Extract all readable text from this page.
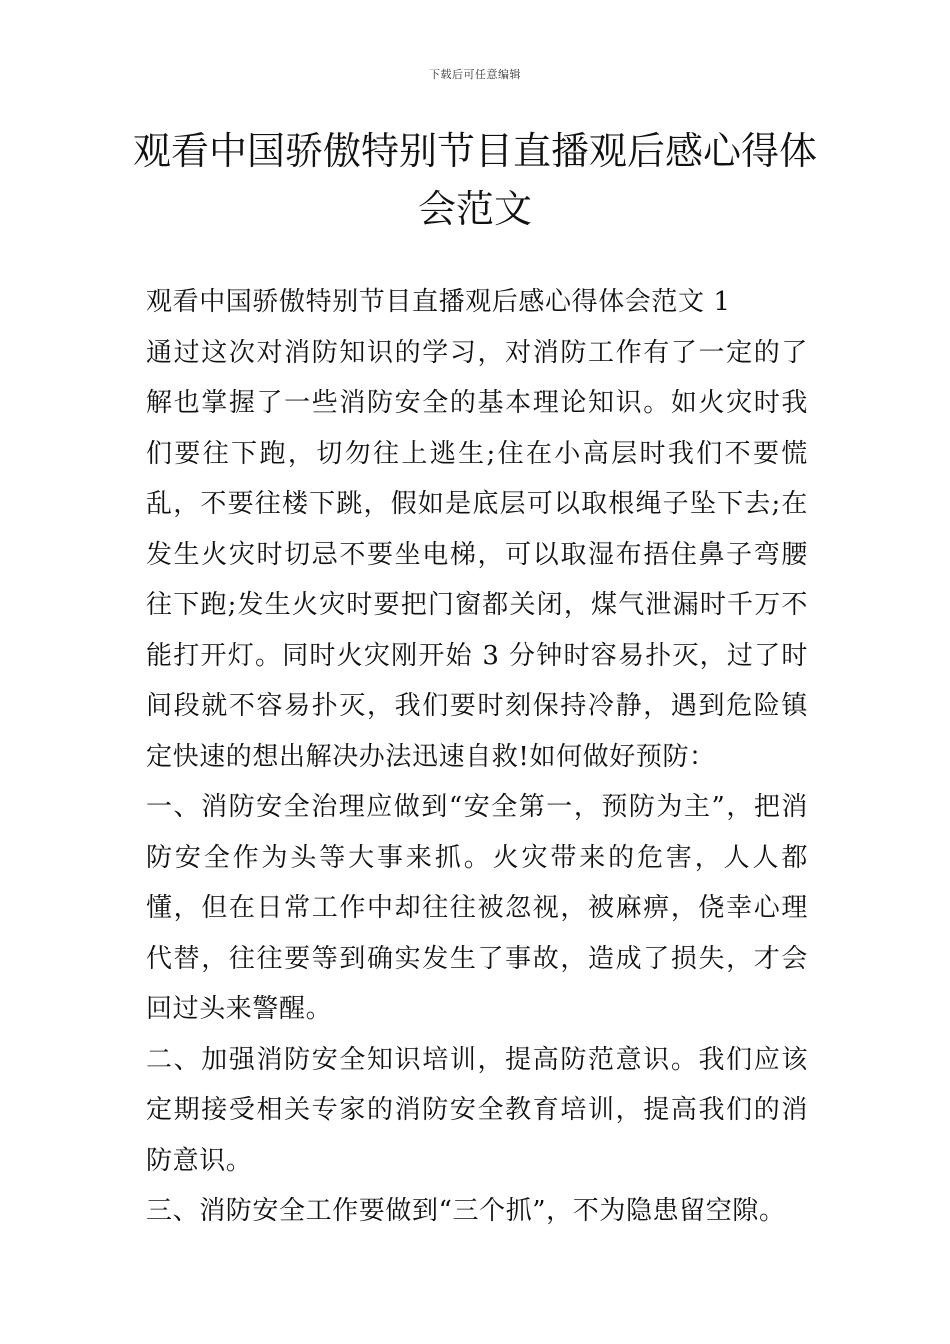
下载后可任意编辑
观看中国骄傲特别节目直播观后感心得体会范文

观看中国骄傲特别节目直播观后感心得体会范文 1

通过这次对消防知识的学习，对消防工作有了一定的了解也掌握了一些消防安全的基本理论知识。如火灾时我们要往下跑，切勿往上逃生;住在小高层时我们不要慌乱，不要往楼下跳，假如是底层可以取根绳子坠下去;在发生火灾时切忌不要坐电梯，可以取湿布捂住鼻子弯腰往下跑;发生火灾时要把门窗都关闭，煤气泄漏时千万不能打开灯。同时火灾刚开始 3 分钟时容易扑灭，过了时间段就不容易扑灭，我们要时刻保持冷静，遇到危险镇定快速的想出解决办法迅速自救!如何做好预防：

一、消防安全治理应做到“安全第一，预防为主”，把消防安全作为头等大事来抓。火灾带来的危害，人人都懂，但在日常工作中却往往被忽视，被麻痹，侥幸心理代替，往往要等到确实发生了事故，造成了损失，才会回过头来警醒。

二、加强消防安全知识培训，提高防范意识。我们应该定期接受相关专家的消防安全教育培训，提高我们的消防意识。

三、消防安全工作要做到“三个抓”，不为隐患留空隙。
